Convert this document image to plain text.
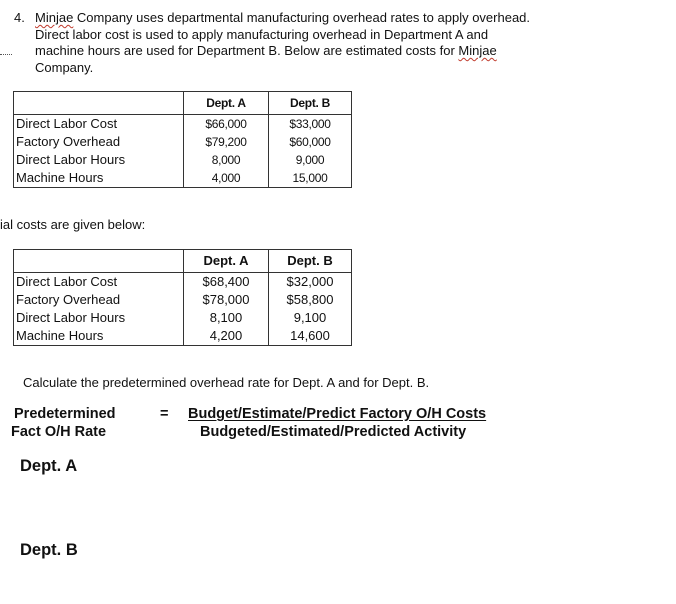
4. Minjae Company uses departmental manufacturing overhead rates to apply overhead.
Direct labor cost is used to apply manufacturing overhead in Department A and
machine hours are used for Department B. Below are estimated costs for Minjae
Company.
	Dept. A	Dept. B
Direct Labor Cost	$66,000	$33,000
Factory Overhead	$79,200	$60,000
Direct Labor Hours	8,000	9,000
Machine Hours	4,000	15,000
ial costs are given below:
	Dept. A	Dept. B
Direct Labor Cost	$68,400	$32,000
Factory Overhead	$78,000	$58,800
Direct Labor Hours	8,100	9,100
Machine Hours	4,200	14,600
Calculate the predetermined overhead rate for Dept. A and for Dept. B.
Predetermined
Fact O/H Rate
= Budget/Estimate/Predict Factory O/H Costs
Budgeted/Estimated/Predicted Activity
Dept. A
Dept. B
